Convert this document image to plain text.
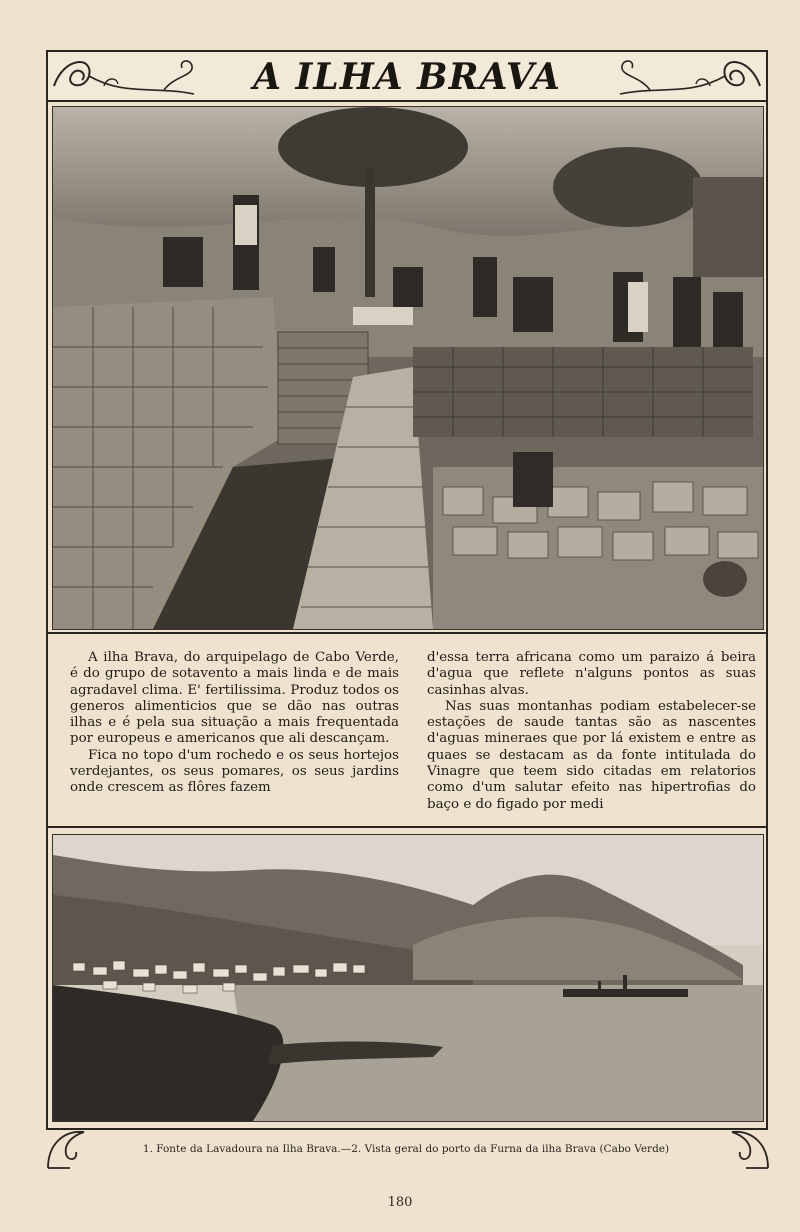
A ILHA BRAVA

A ilha Brava, do arquipelago de Cabo Verde, é do grupo de sotavento a mais linda e de mais agradavel clima. E' fertilissima. Produz todos os generos alimenticios que se dão nas outras ilhas e é pela sua situação a mais frequentada por europeus e americanos que ali descançam.

Fica no topo d'um rochedo e os seus hortejos verdejantes, os seus pomares, os seus jardins onde crescem as flôres fazem

d'essa terra africana como um paraizo á beira d'agua que reflete n'alguns pontos as suas casinhas alvas.

Nas suas montanhas podiam estabelecer-se estações de saude tantas são as nascentes d'aguas mineraes que por lá existem e entre as quaes se destacam as da fonte intitulada do Vinagre que teem sido citadas em relatorios como d'um salutar efeito nas hipertrofias do baço e do figado por medi

1. Fonte da Lavadoura na Ilha Brava.—2. Vista geral do porto da Furna da ilha Brava (Cabo Verde)
180
